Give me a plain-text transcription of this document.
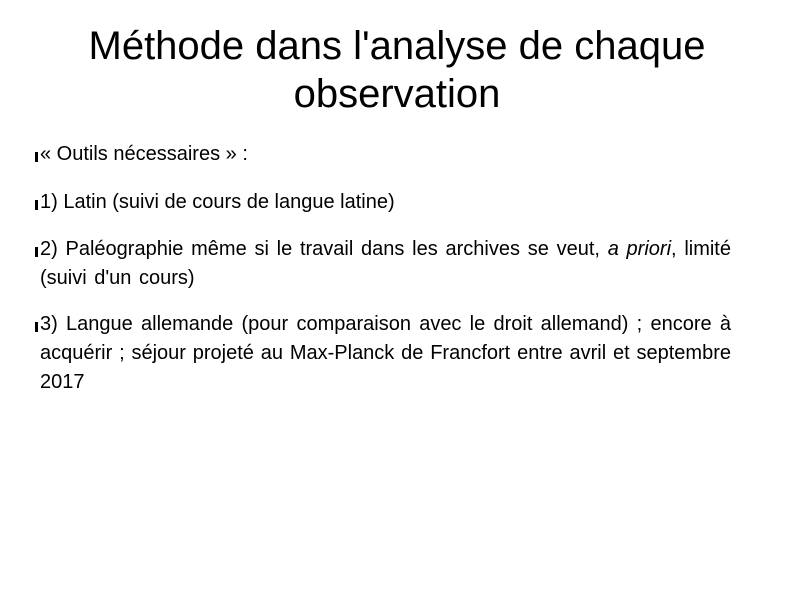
Méthode dans l'analyse de chaque
observation
« Outils nécessaires » :
1) Latin (suivi de cours de langue latine)
2) Paléographie même si le travail dans les archives se veut, a priori, limité (suivi d'un cours)
3) Langue allemande (pour comparaison avec le droit allemand) ; encore à acquérir ; séjour projeté au Max-Planck de Francfort entre avril et septembre 2017
